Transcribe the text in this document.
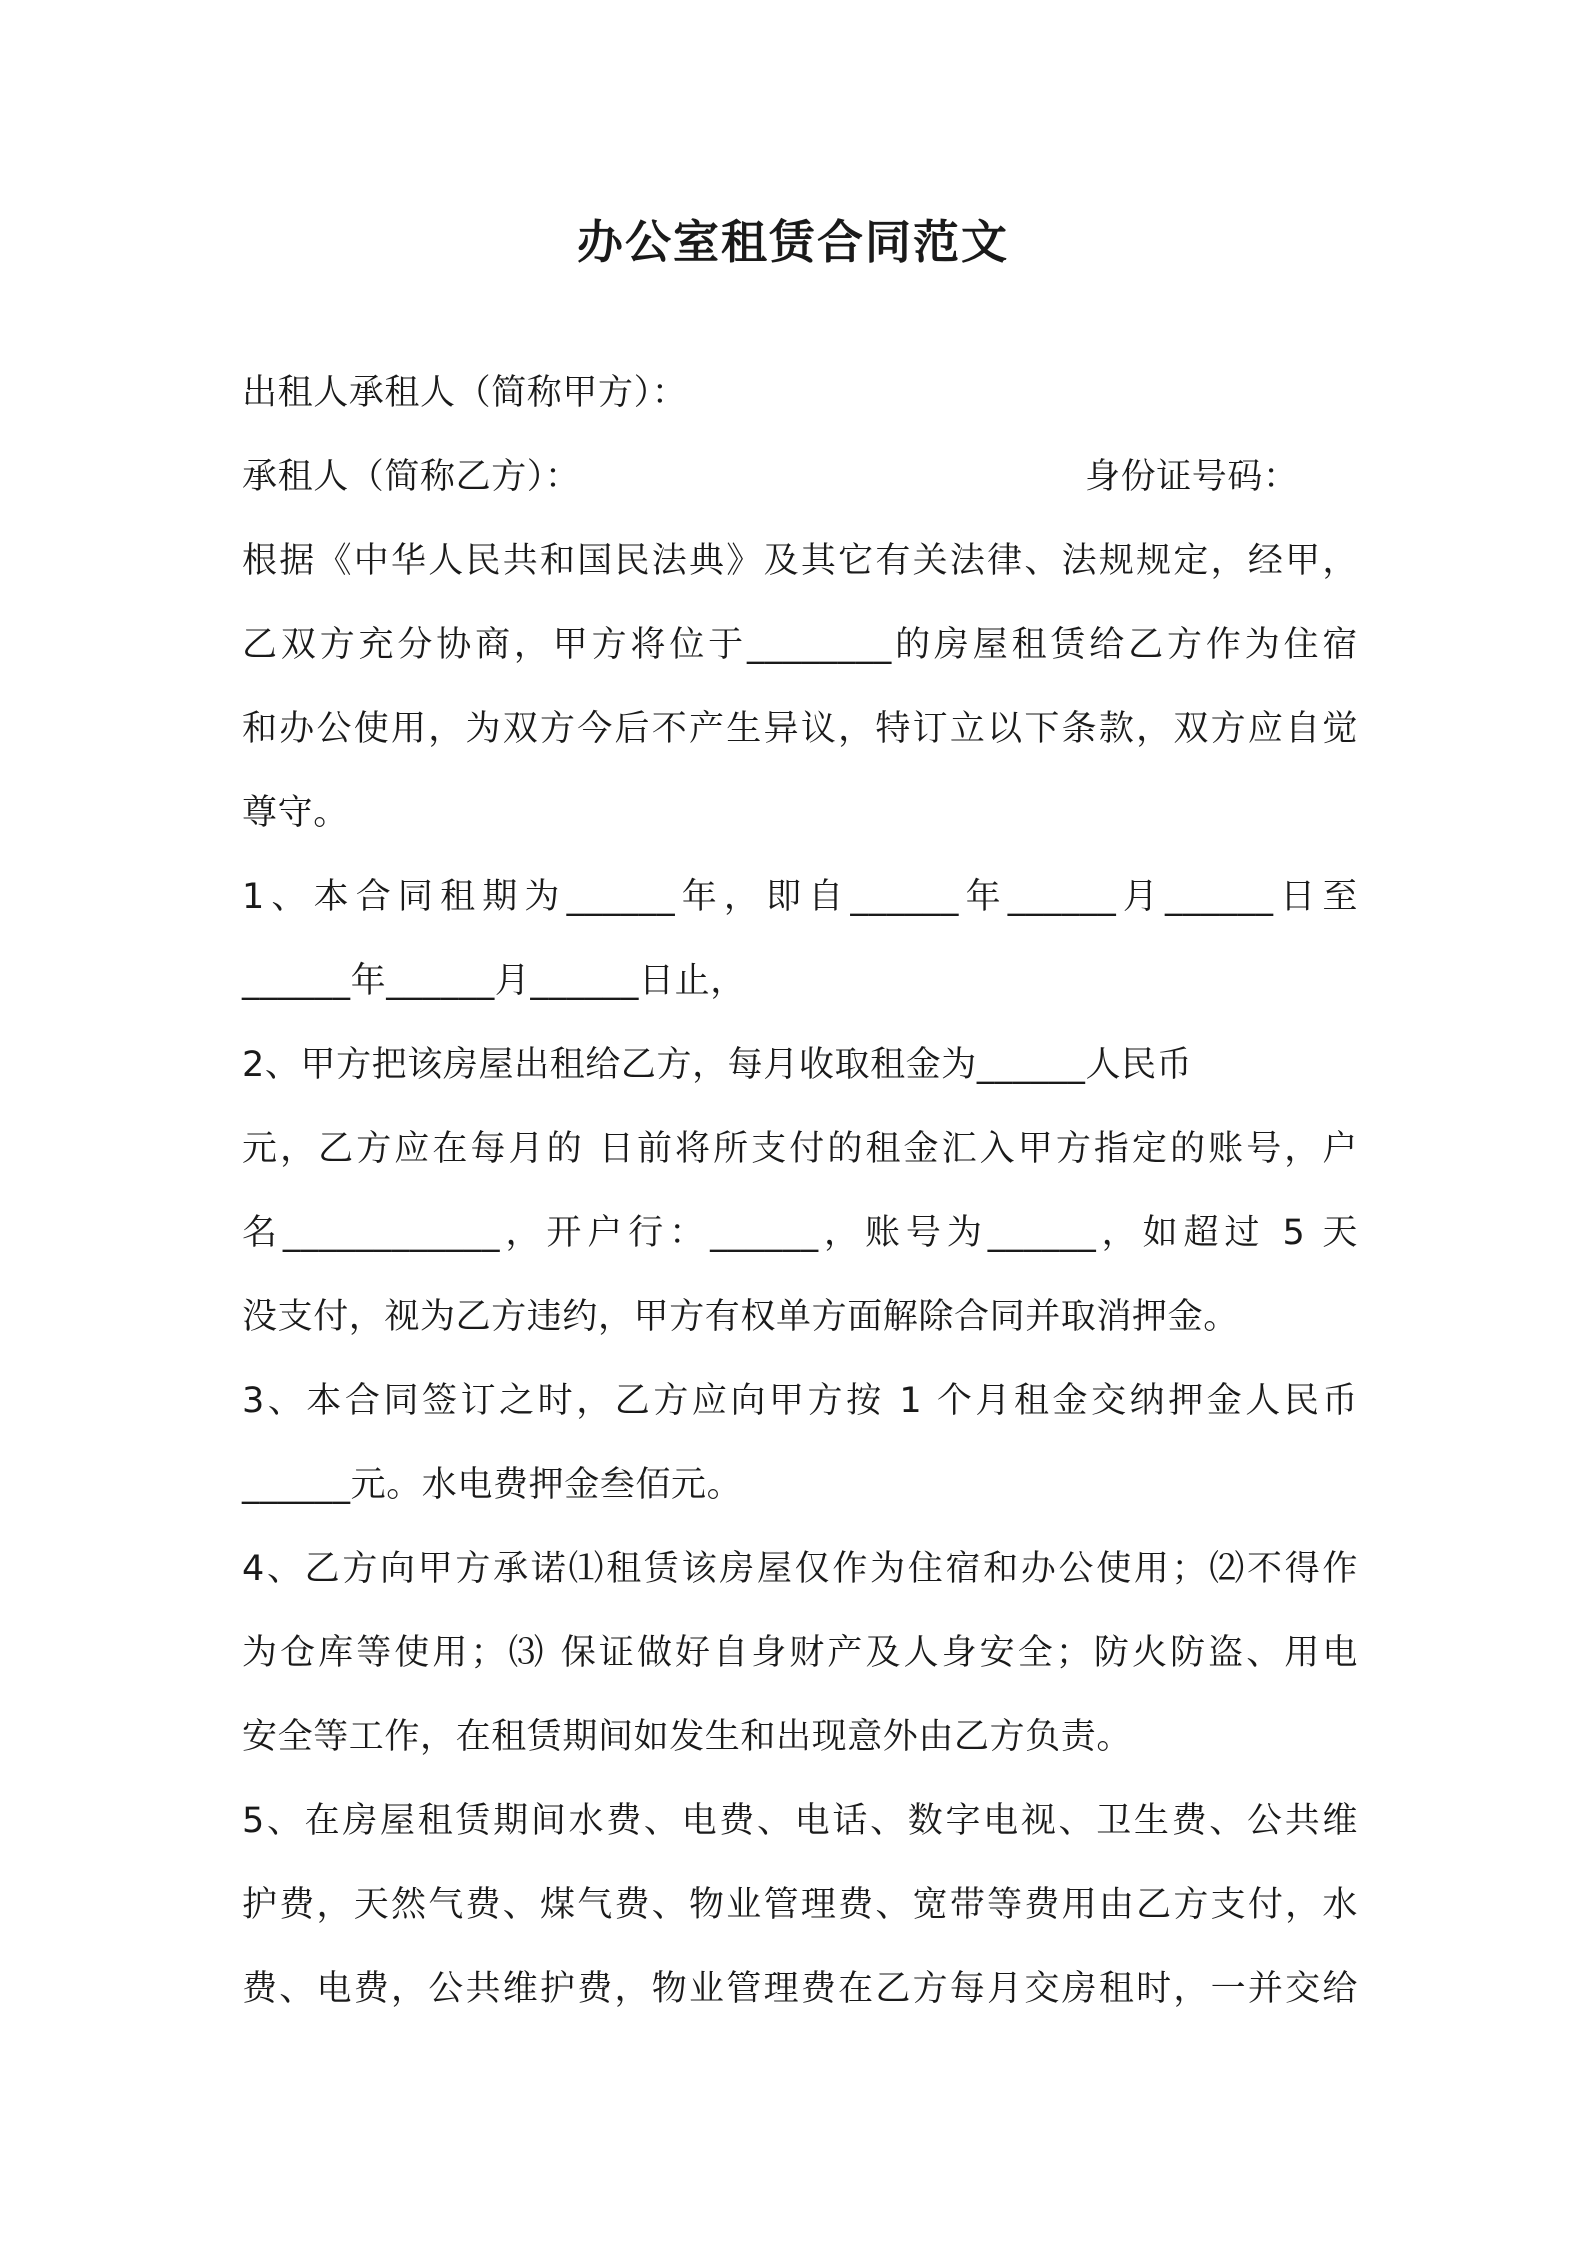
办公室租赁合同范文
出租人承租人（简称甲方）：
承租人（简称乙方）：	身份证号码：
根据《中华人民共和国民法典》及其它有关法律、法规规定，经甲，
乙双方充分协商，甲方将位于________的房屋租赁给乙方作为住宿
和办公使用，为双方今后不产生异议，特订立以下条款，双方应自觉
尊守。
1、本合同租期为______年，即自______年______月______日至
______年______月______日止，
2、甲方把该房屋出租给乙方，每月收取租金为______人民币
元，乙方应在每月的 日前将所支付的租金汇入甲方指定的账号，户
名____________，开户行：______，账号为______，如超过 5 天
没支付，视为乙方违约，甲方有权单方面解除合同并取消押金。
3、本合同签订之时，乙方应向甲方按 1 个月租金交纳押金人民币
______元。水电费押金叁佰元。
4、乙方向甲方承诺⑴租赁该房屋仅作为住宿和办公使用；⑵不得作
为仓库等使用；⑶ 保证做好自身财产及人身安全；防火防盗、用电
安全等工作，在租赁期间如发生和出现意外由乙方负责。
5、在房屋租赁期间水费、电费、电话、数字电视、卫生费、公共维
护费，天然气费、煤气费、物业管理费、宽带等费用由乙方支付，水
费、电费，公共维护费，物业管理费在乙方每月交房租时，一并交给
